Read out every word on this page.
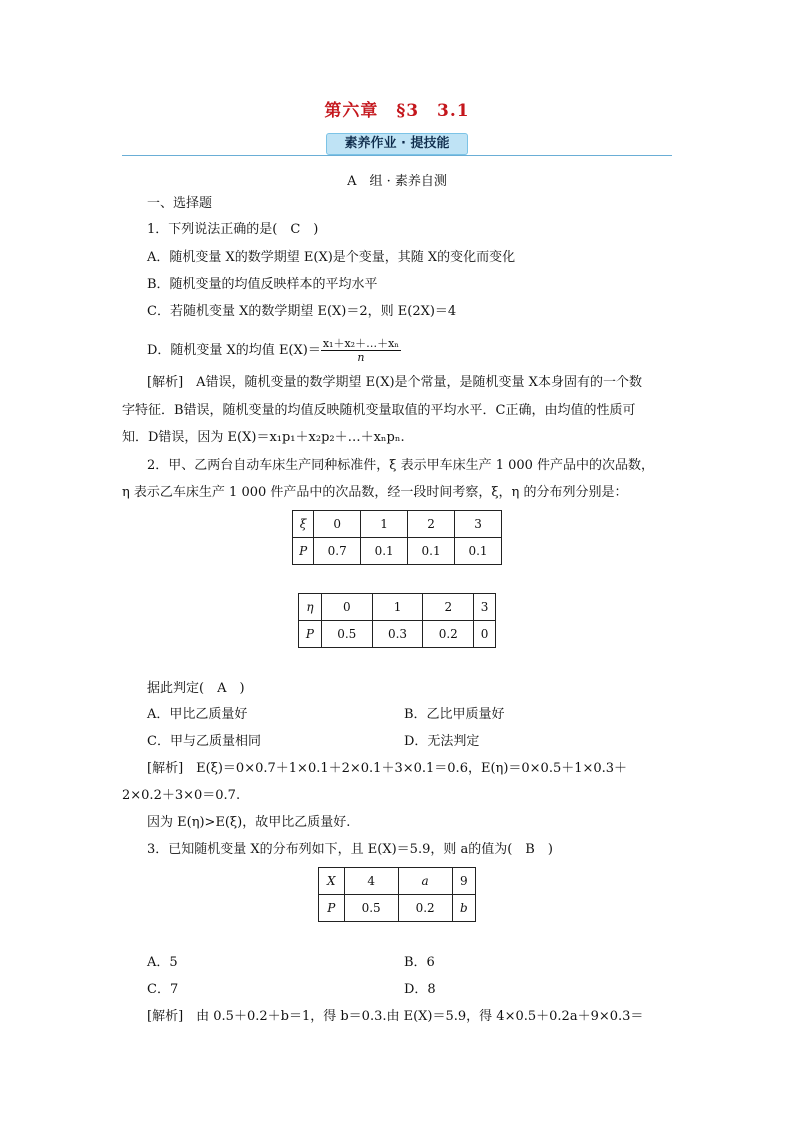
第六章　§3　3.1
素养作业 · 提技能
A　组 · 素养自测
一、选择题
1．下列说法正确的是(　C　)
A．随机变量 X的数学期望 E(X)是个变量，其随 X的变化而变化
B．随机变量的均值反映样本的平均水平
C．若随机变量 X的数学期望 E(X)＝2，则 E(2X)＝4
D．随机变量 X的均值 $E(X)= \frac{\text{x₁＋x₂＋…＋xₙ}}{n}$
[解析]　A错误，随机变量的数学期望 E(X)是个常量，是随机变量 X本身固有的一个数
字特征．B错误，随机变量的均值反映随机变量取值的平均水平．C正确，由均值的性质可
知．D错误，因为 E(X)＝x₁p₁＋x₂p₂＋…＋xₙpₙ.
2．甲、乙两台自动车床生产同种标准件，ξ 表示甲车床生产 1 000 件产品中的次品数，
η 表示乙车床生产 1 000 件产品中的次品数，经一段时间考察，ξ，η 的分布列分别是：
ξ	0	1	2	3
P	0.7	0.1	0.1	0.1
η	0	1	2	3
P	0.5	0.3	0.2	0
据此判定(　A　)
A．甲比乙质量好	B．乙比甲质量好
C．甲与乙质量相同	D．无法判定
[解析]　E(ξ)＝0×0.7＋1×0.1＋2×0.1＋3×0.1＝0.6，E(η)＝0×0.5＋1×0.3＋
2×0.2＋3×0＝0.7.
因为 E(η)>E(ξ)，故甲比乙质量好.
3．已知随机变量 X的分布列如下，且 E(X)＝5.9，则 a的值为(　B　)
X	4	a	9
P	0.5	0.2	b
A．5	B．6
C．7	D．8
[解析]　由 0.5＋0.2＋b＝1，得 b＝0.3.由 E(X)＝5.9，得 4×0.5＋0.2a＋9×0.3＝
